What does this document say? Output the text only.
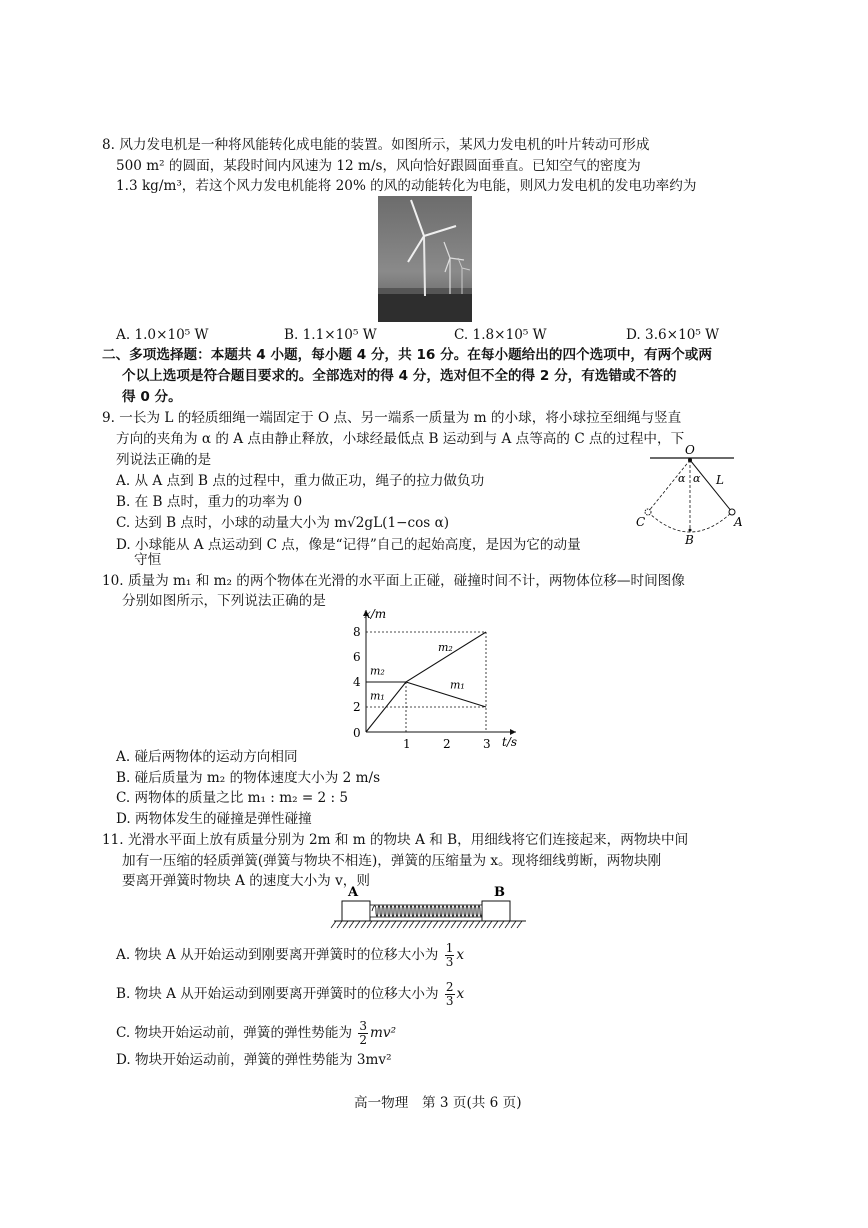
8. 风力发电机是一种将风能转化成电能的装置。如图所示，某风力发电机的叶片转动可形成
500 m² 的圆面，某段时间内风速为 12 m/s，风向恰好跟圆面垂直。已知空气的密度为
1.3 kg/m³，若这个风力发电机能将 20% 的风的动能转化为电能，则风力发电机的发电功率约为
A. 1.0×10⁵ W	B. 1.1×10⁵ W	C. 1.8×10⁵ W	D. 3.6×10⁵ W
二、多项选择题：本题共 4 小题，每小题 4 分，共 16 分。在每小题给出的四个选项中，有两个或两
个以上选项是符合题目要求的。全部选对的得 4 分，选对但不全的得 2 分，有选错或不答的
得 0 分。
9. 一长为 L 的轻质细绳一端固定于 O 点、另一端系一质量为 m 的小球，将小球拉至细绳与竖直
方向的夹角为 α 的 A 点由静止释放，小球经最低点 B 运动到与 A 点等高的 C 点的过程中，下
列说法正确的是
A. 从 A 点到 B 点的过程中，重力做正功，绳子的拉力做负功
B. 在 B 点时，重力的功率为 0
C. 达到 B 点时，小球的动量大小为 m√2gL(1−cos α)
D. 小球能从 A 点运动到 C 点，像是“记得”自己的起始高度，是因为它的动量
守恒
O
α α L
C
B
A
10. 质量为 m₁ 和 m₂ 的两个物体在光滑的水平面上正碰，碰撞时间不计，两物体位移—时间图像
分别如图所示，下列说法正确的是
0
1	2	3
2
4
6
8
m₂
m₁
m₂
m₁
x/m
t/s
A. 碰后两物体的运动方向相同
B. 碰后质量为 m₂ 的物体速度大小为 2 m/s
C. 两物体的质量之比 m₁ : m₂ = 2 : 5
D. 两物体发生的碰撞是弹性碰撞
11. 光滑水平面上放有质量分别为 2m 和 m 的物块 A 和 B，用细线将它们连接起来，两物块中间
加有一压缩的轻质弹簧(弹簧与物块不相连)，弹簧的压缩量为 x。现将细线剪断，两物块刚
要离开弹簧时物块 A 的速度大小为 v，则
A	B
A. 物块 A 从开始运动到刚要离开弹簧时的位移大小为 $\frac{1}{3}$ x
B. 物块 A 从开始运动到刚要离开弹簧时的位移大小为 $\frac{2}{3}$ x
C. 物块开始运动前，弹簧的弹性势能为 $\frac{3}{2} mv^2$
D. 物块开始运动前，弹簧的弹性势能为 3mv²
高一物理　第 3 页(共 6 页)
